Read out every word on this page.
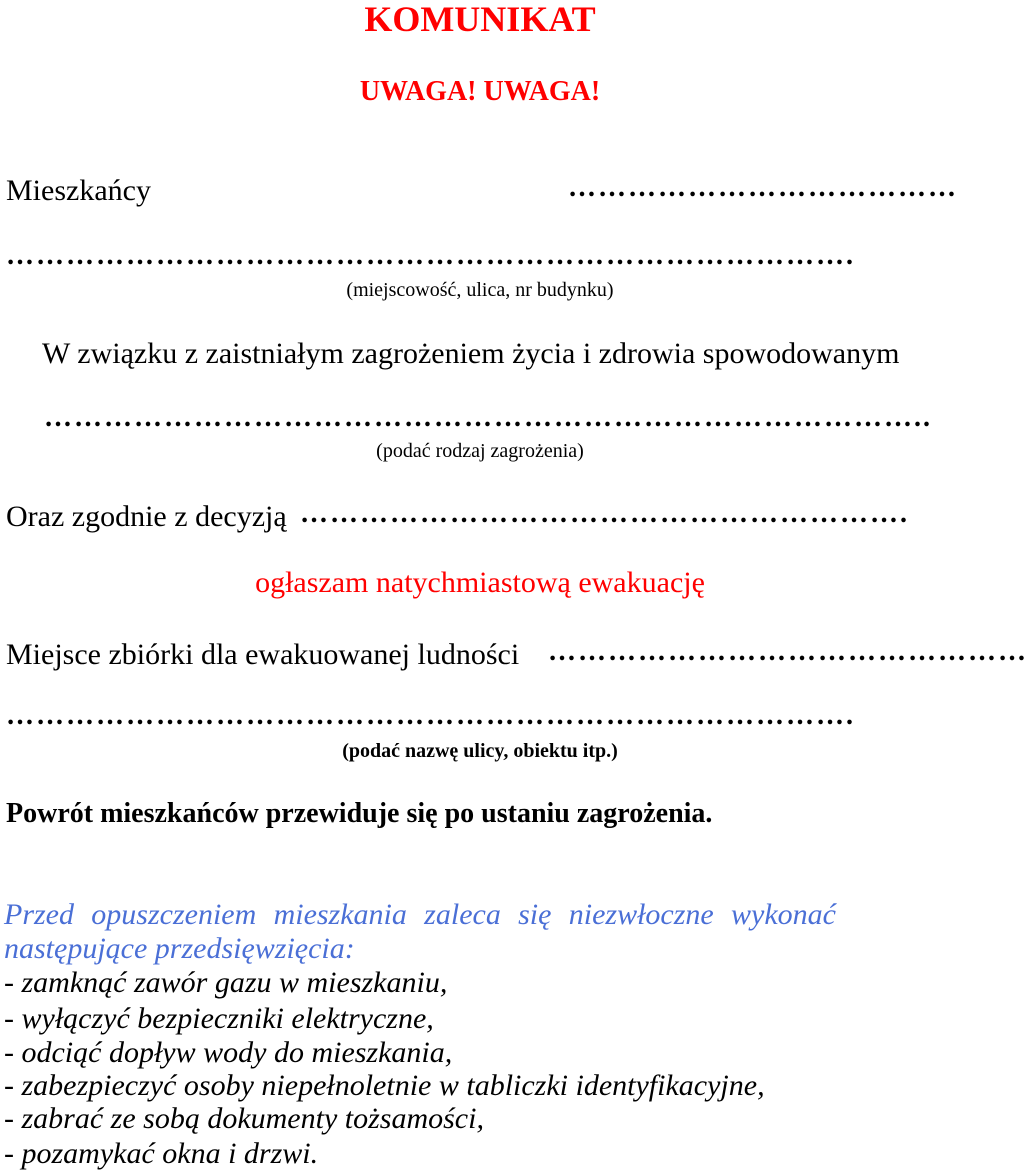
KOMUNIKAT
UWAGA! UWAGA!
Mieszkańcy	…………………………………
………………………………………………………………………….
(miejscowość, ulica, nr budynku)
W związku z zaistniałym zagrożeniem życia i zdrowia spowodowanym
……………………………………………………………………………..
(podać rodzaj zagrożenia)
Oraz zgodnie z decyzją …………………………………………………….
ogłaszam natychmiastową ewakuację
Miejsce zbiórki dla ewakuowanej ludności …………………………………………
………………………………………………………………………….
(podać nazwę ulicy, obiektu itp.)
Powrót mieszkańców przewiduje się po ustaniu zagrożenia.
Przed opuszczeniem mieszkania zaleca się niezwłoczne wykonać
następujące przedsięwzięcia:
- zamknąć zawór gazu w mieszkaniu,
- wyłączyć bezpieczniki elektryczne,
- odciąć dopływ wody do mieszkania,
- zabezpieczyć osoby niepełnoletnie w tabliczki identyfikacyjne,
- zabrać ze sobą dokumenty tożsamości,
- pozamykać okna i drzwi.
